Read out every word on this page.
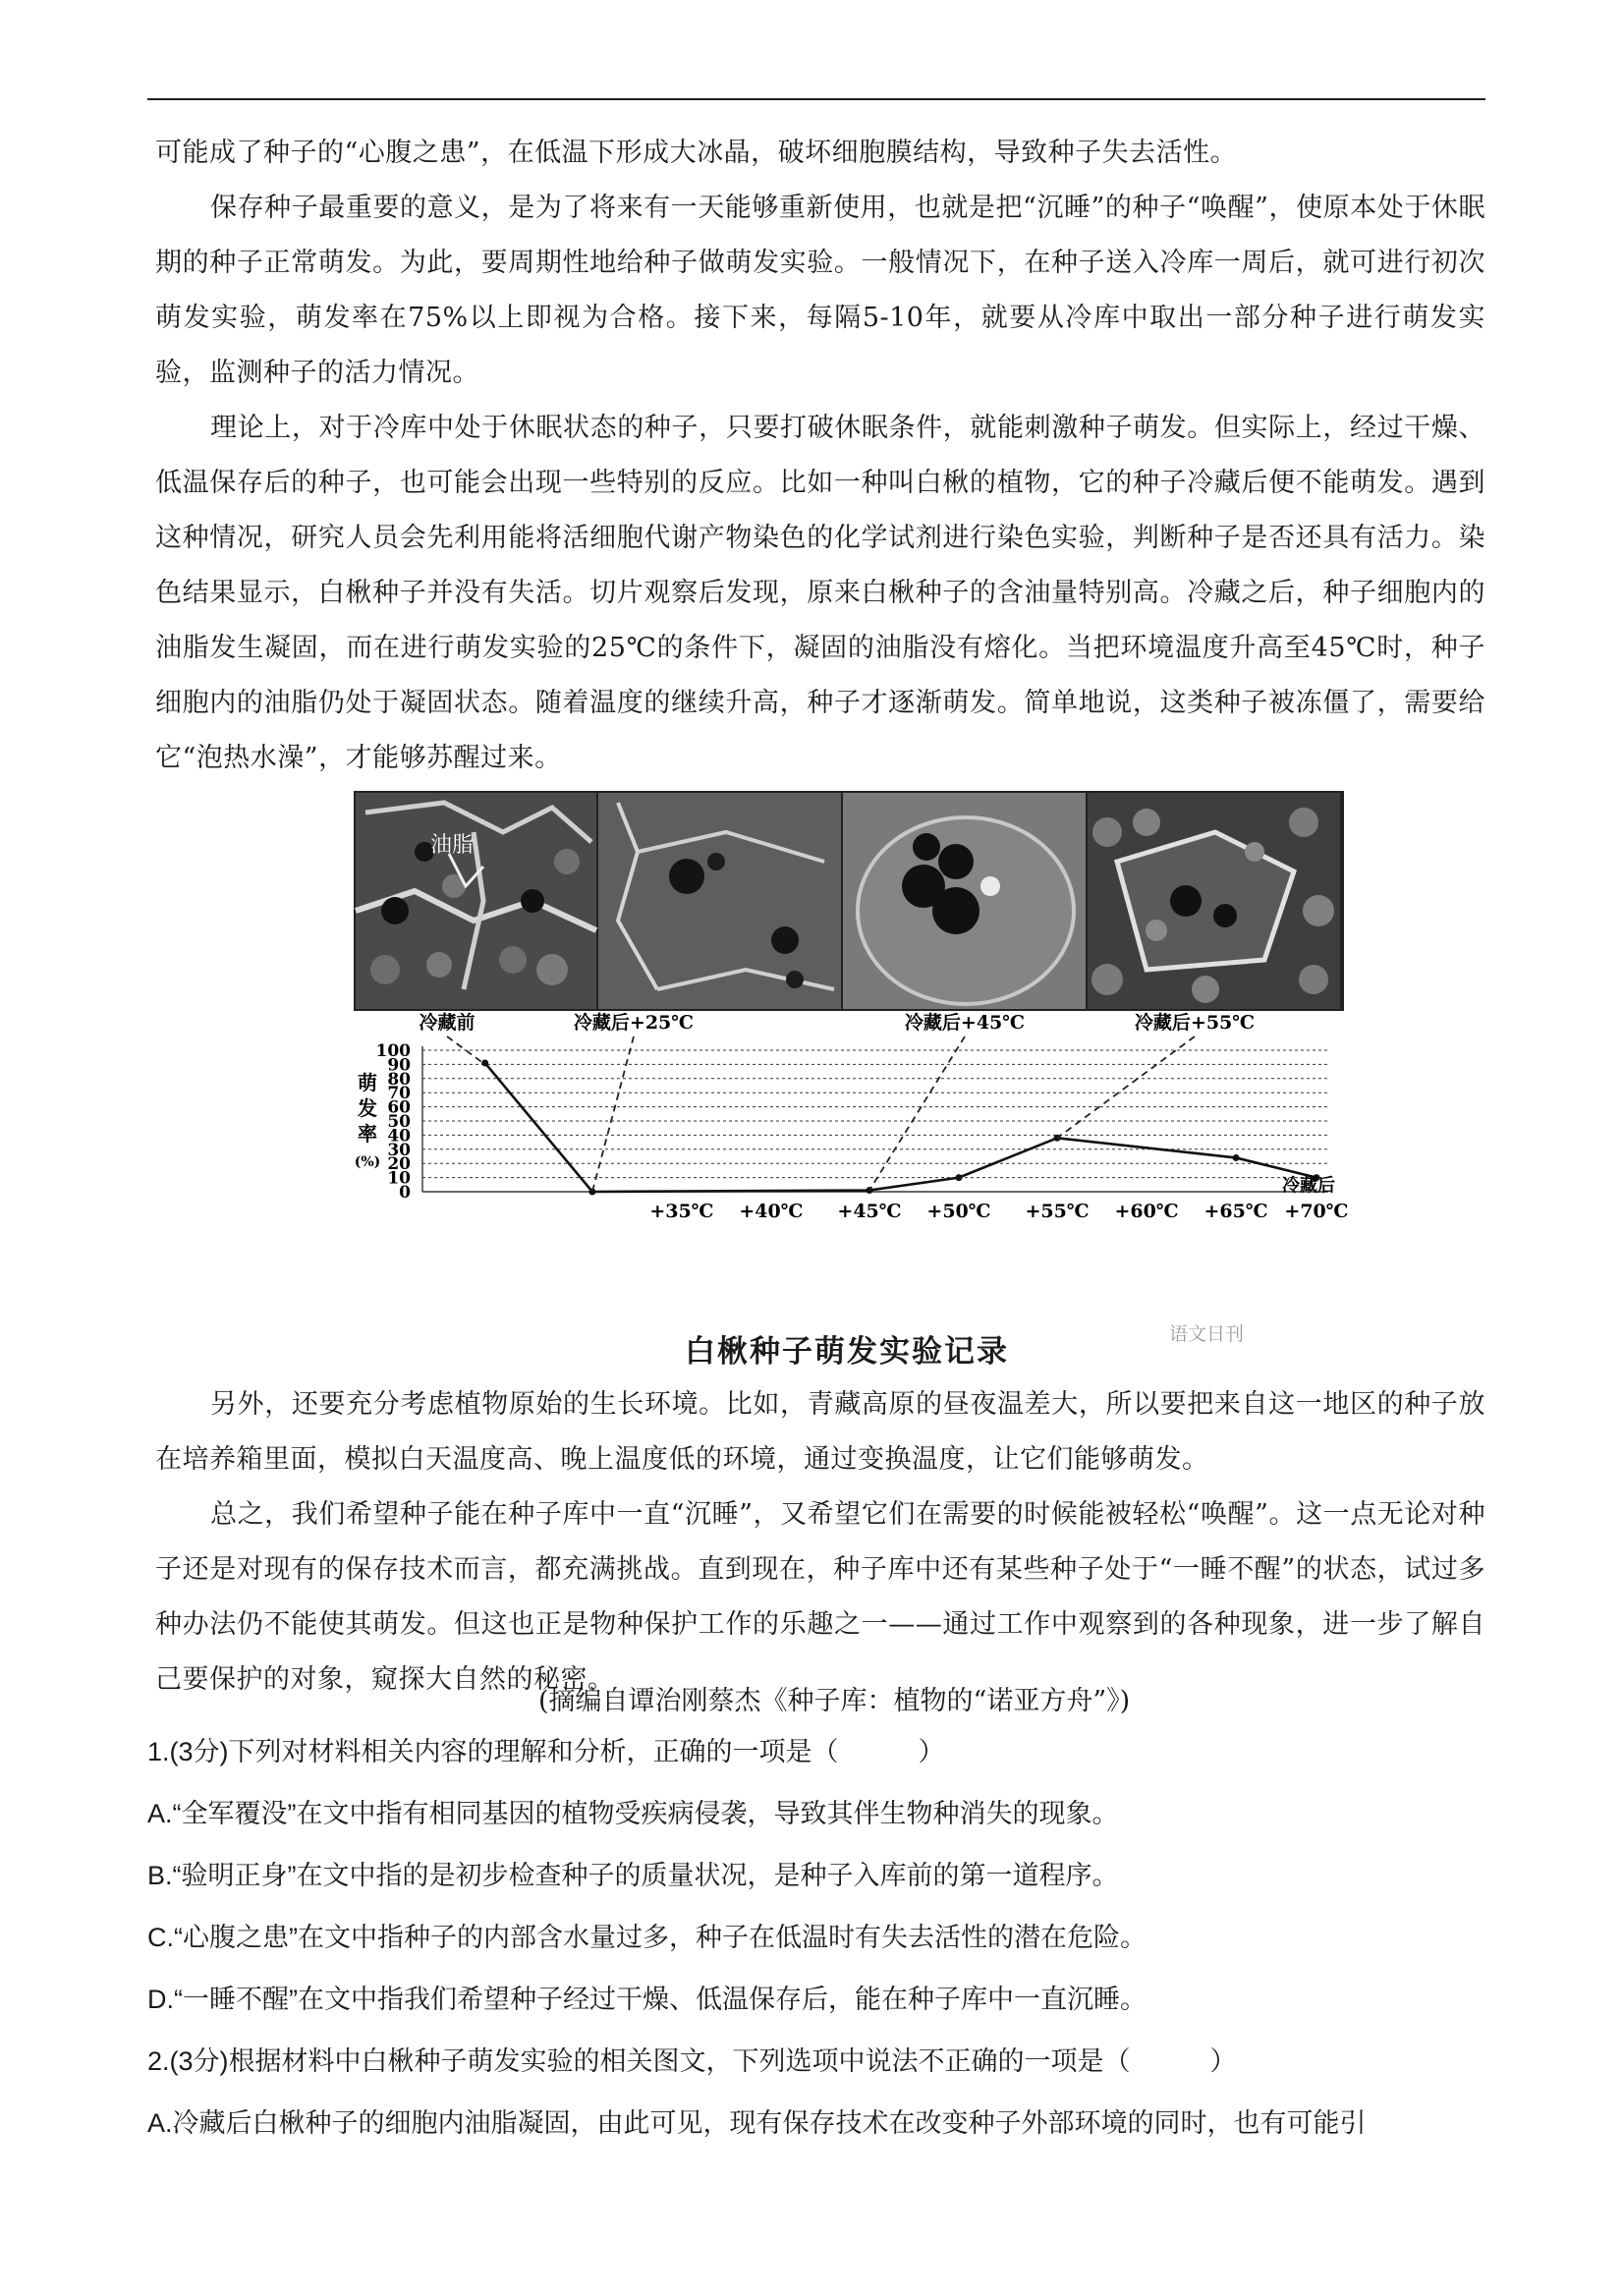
可能成了种子的“心腹之患”，在低温下形成大冰晶，破坏细胞膜结构，导致种子失去活性。
保存种子最重要的意义，是为了将来有一天能够重新使用，也就是把“沉睡”的种子“唤醒”，使原本处于休眠期的种子正常萌发。为此，要周期性地给种子做萌发实验。一般情况下，在种子送入冷库一周后，就可进行初次萌发实验，萌发率在75%以上即视为合格。接下来，每隔5-10年，就要从冷库中取出一部分种子进行萌发实验，监测种子的活力情况。
理论上，对于冷库中处于休眠状态的种子，只要打破休眠条件，就能刺激种子萌发。但实际上，经过干燥、低温保存后的种子，也可能会出现一些特别的反应。比如一种叫白楸的植物，它的种子冷藏后便不能萌发。遇到这种情况，研究人员会先利用能将活细胞代谢产物染色的化学试剂进行染色实验，判断种子是否还具有活力。染色结果显示，白楸种子并没有失活。切片观察后发现，原来白楸种子的含油量特别高。冷藏之后，种子细胞内的油脂发生凝固，而在进行萌发实验的25℃的条件下，凝固的油脂没有熔化。当把环境温度升高至45℃时，种子细胞内的油脂仍处于凝固状态。随着温度的继续升高，种子才逐渐萌发。简单地说，这类种子被冻僵了，需要给它“泡热水澡”，才能够苏醒过来。
油脂
0
10
20
30
40
50
60
70
80
90
100
萌
发
率
(%)
+35℃ +40℃ +45℃ +50℃ +55℃ +60℃ +65℃ +70℃
冷藏前	冷藏后+25℃	冷藏后+45℃	冷藏后+55℃
冷藏后
白楸种子萌发实验记录	语文日刊
另外，还要充分考虑植物原始的生长环境。比如，青藏高原的昼夜温差大，所以要把来自这一地区的种子放在培养箱里面，模拟白天温度高、晚上温度低的环境，通过变换温度，让它们能够萌发。
总之，我们希望种子能在种子库中一直“沉睡”，又希望它们在需要的时候能被轻松“唤醒”。这一点无论对种子还是对现有的保存技术而言，都充满挑战。直到现在，种子库中还有某些种子处于“一睡不醒”的状态，试过多种办法仍不能使其萌发。但这也正是物种保护工作的乐趣之一——通过工作中观察到的各种现象，进一步了解自己要保护的对象，窥探大自然的秘密。
(摘编自谭治刚蔡杰《种子库：植物的“诺亚方舟”》)
1.(3分)下列对材料相关内容的理解和分析，正确的一项是（　　　）
A.“全军覆没”在文中指有相同基因的植物受疾病侵袭，导致其伴生物种消失的现象。
B.“验明正身”在文中指的是初步检查种子的质量状况，是种子入库前的第一道程序。
C.“心腹之患”在文中指种子的内部含水量过多，种子在低温时有失去活性的潜在危险。
D.“一睡不醒”在文中指我们希望种子经过干燥、低温保存后，能在种子库中一直沉睡。
2.(3分)根据材料中白楸种子萌发实验的相关图文，下列选项中说法不正确的一项是（　　　）
A.冷藏后白楸种子的细胞内油脂凝固，由此可见，现有保存技术在改变种子外部环境的同时，也有可能引
